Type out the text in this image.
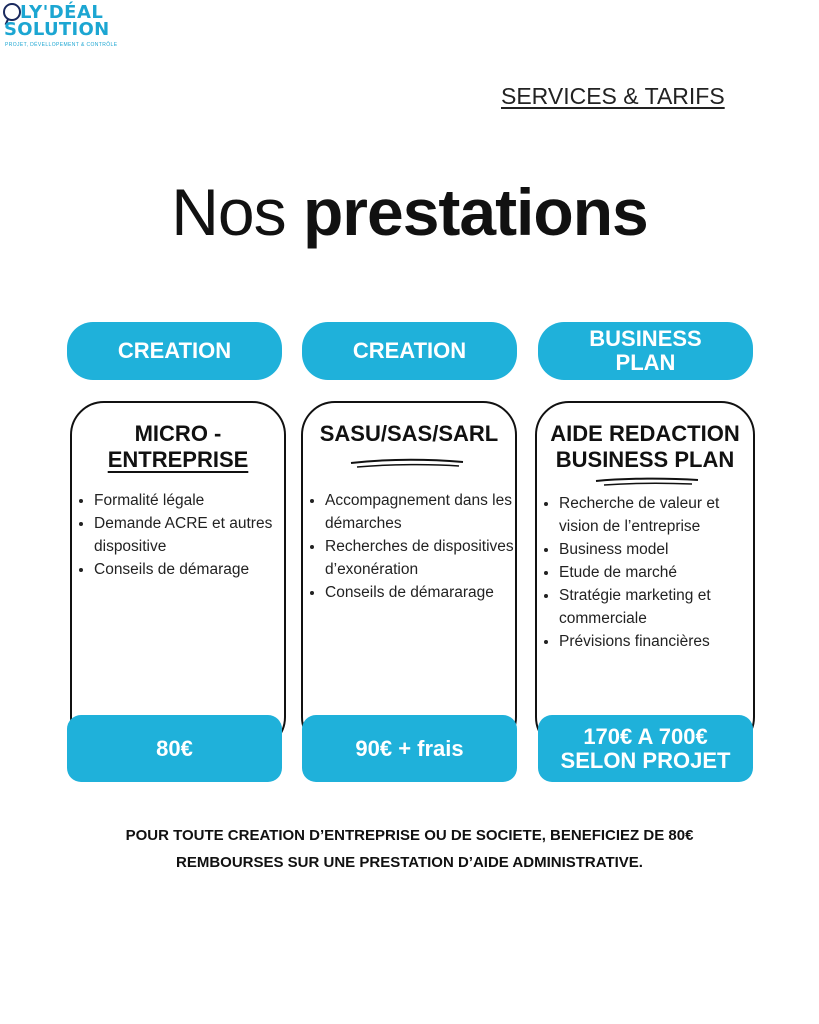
LY'DÉAL
SOLUTION
PROJET, DÉVELLOPEMENT & CONTRÔLE
SERVICES & TARIFS
Nos prestations
CREATION	CREATION	BUSINESS
PLAN
MICRO -
ENTREPRISE
• Formalité légale
• Demande ACRE et autres dispositive
• Conseils de démarage
SASU/SAS/SARL
• Accompagnement dans les démarches
• Recherches de dispositives d’exonération
• Conseils de démararage
AIDE REDACTION
BUSINESS PLAN
• Recherche de valeur et vision de l’entreprise
• Business model
• Etude de marché
• Stratégie marketing et commerciale
• Prévisions financières
80€	90€ + frais	170€ A 700€
SELON PROJET
POUR TOUTE CREATION D’ENTREPRISE OU DE SOCIETE, BENEFICIEZ DE 80€
REMBOURSES SUR UNE PRESTATION D’AIDE ADMINISTRATIVE.
